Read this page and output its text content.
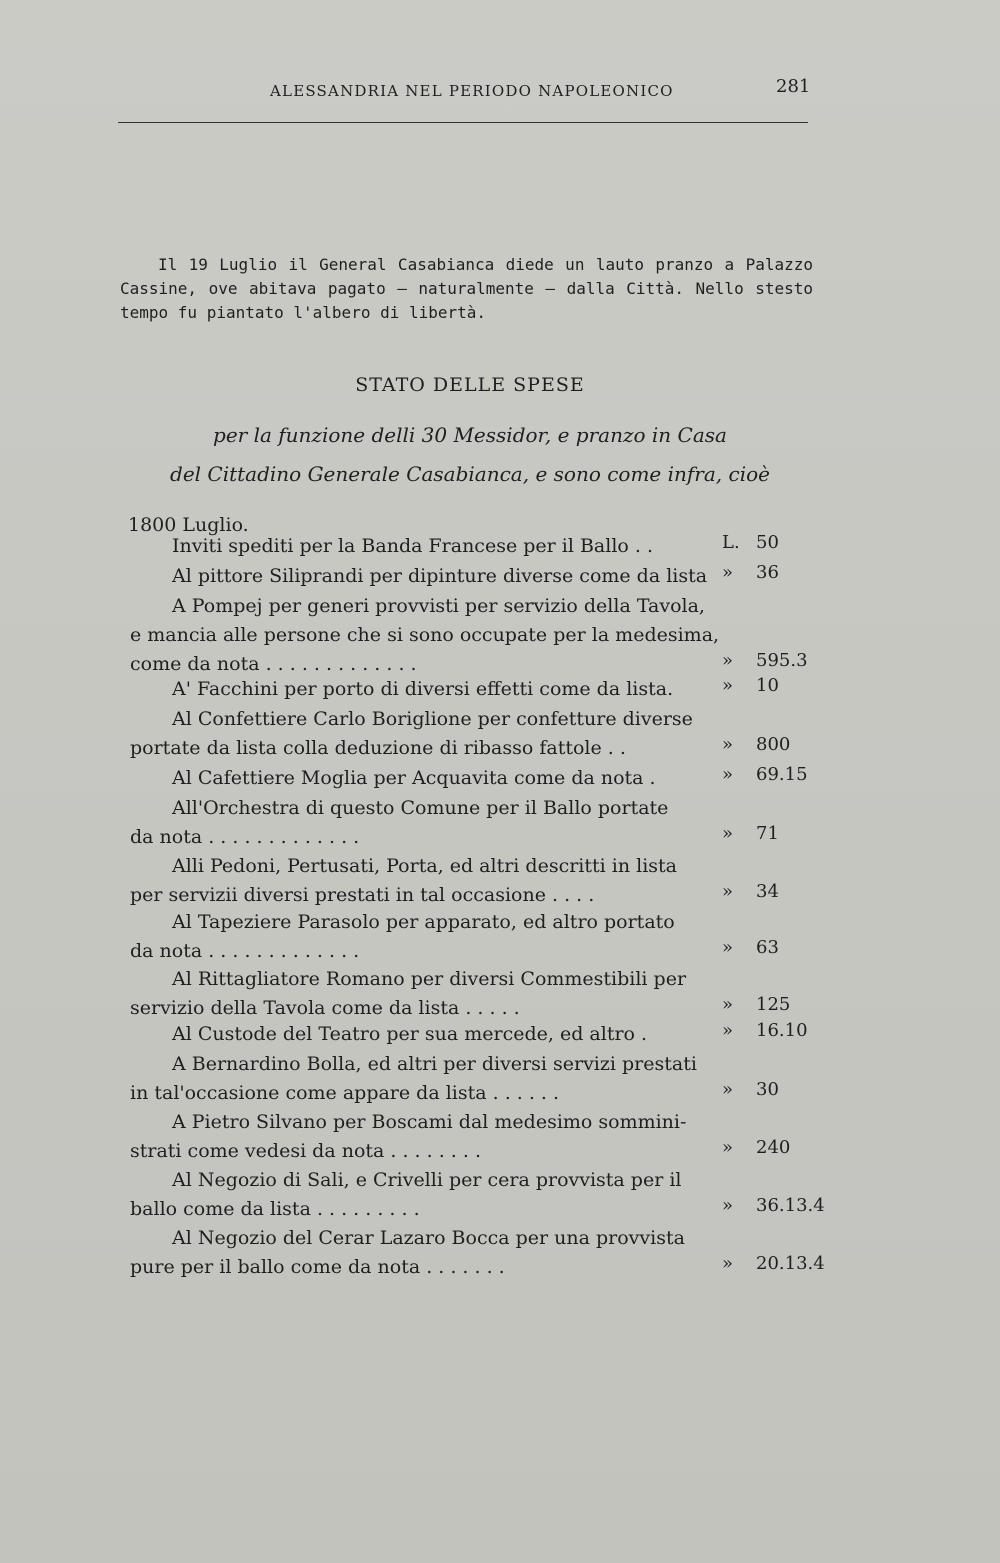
ALESSANDRIA NEL PERIODO NAPOLEONICO	281

Il 19 Luglio il General Casabianca diede un lauto pranzo a Palazzo Cassine, ove abitava pagato — naturalmente — dalla Città. Nello stesto tempo fu piantato l'albero di libertà.

STATO DELLE SPESE
per la funzione delli 30 Messidor, e pranzo in Casa
del Cittadino Generale Casabianca, e sono come infra, cioè
1800 Luglio.
Inviti spediti per la Banda Francese per il Ballo . .	L. 50
Al pittore Siliprandi per dipinture diverse come da lista » 36
A Pompej per generi provvisti per servizio della Tavola,
e mancia alle persone che si sono occupate per la medesima,
come da nota . . . . . . . . . . . . .	» 595.3
A' Facchini per porto di diversi effetti come da lista.	» 10
Al Confettiere Carlo Boriglione per confetture diverse
portate da lista colla deduzione di ribasso fattole . .	» 800
Al Cafettiere Moglia per Acquavita come da nota .	» 69.15
All'Orchestra di questo Comune per il Ballo portate
da nota . . . . . . . . . . . . .	» 71
Alli Pedoni, Pertusati, Porta, ed altri descritti in lista
per servizii diversi prestati in tal occasione . . . .	» 34
Al Tapeziere Parasolo per apparato, ed altro portato
da nota . . . . . . . . . . . . .	» 63
Al Rittagliatore Romano per diversi Commestibili per
servizio della Tavola come da lista . . . . .	» 125
Al Custode del Teatro per sua mercede, ed altro .	» 16.10
A Bernardino Bolla, ed altri per diversi servizi prestati
in tal'occasione come appare da lista . . . . . .	» 30
A Pietro Silvano per Boscami dal medesimo sommini-
strati come vedesi da nota . . . . . . . .	» 240
Al Negozio di Sali, e Crivelli per cera provvista per il
ballo come da lista . . . . . . . . .	» 36.13.4
Al Negozio del Cerar Lazaro Bocca per una provvista
pure per il ballo come da nota . . . . . . .	» 20.13.4
